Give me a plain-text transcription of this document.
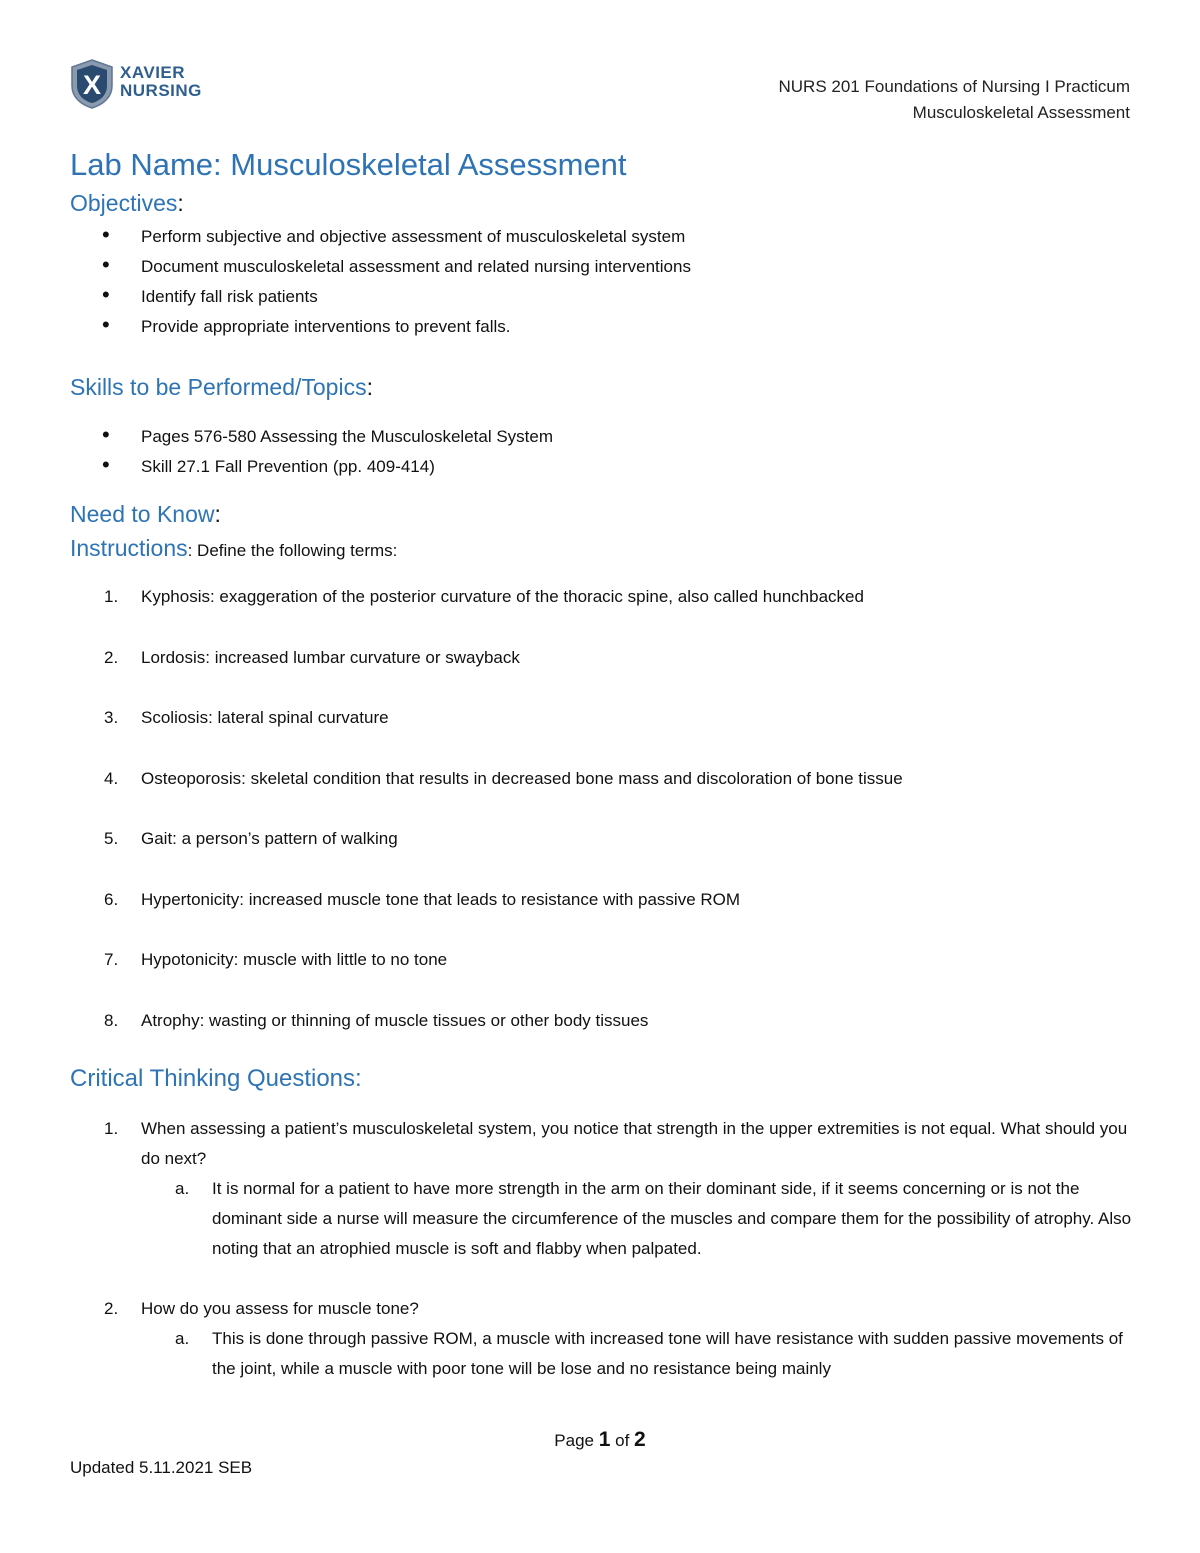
X XAVIER
NURSING	NURS 201 Foundations of Nursing I Practicum
Musculoskeletal Assessment
Lab Name: Musculoskeletal Assessment
Objectives:
• Perform subjective and objective assessment of musculoskeletal system
• Document musculoskeletal assessment and related nursing interventions
• Identify fall risk patients
• Provide appropriate interventions to prevent falls.
Skills to be Performed/Topics:
• Pages 576-580 Assessing the Musculoskeletal System
• Skill 27.1 Fall Prevention (pp. 409-414)
Need to Know:
Instructions: Define the following terms:
1. Kyphosis: exaggeration of the posterior curvature of the thoracic spine, also called hunchbacked
2. Lordosis: increased lumbar curvature or swayback
3. Scoliosis: lateral spinal curvature
4. Osteoporosis: skeletal condition that results in decreased bone mass and discoloration of bone tissue
5. Gait: a person’s pattern of walking
6. Hypertonicity: increased muscle tone that leads to resistance with passive ROM
7. Hypotonicity: muscle with little to no tone
8. Atrophy: wasting or thinning of muscle tissues or other body tissues
Critical Thinking Questions:
1. When assessing a patient’s musculoskeletal system, you notice that strength in the upper extremities is not equal. What should you do next?
a. It is normal for a patient to have more strength in the arm on their dominant side, if it seems concerning or is not the dominant side a nurse will measure the circumference of the muscles and compare them for the possibility of atrophy. Also noting that an atrophied muscle is soft and flabby when palpated.
2. How do you assess for muscle tone?
a. This is done through passive ROM, a muscle with increased tone will have resistance with sudden passive movements of the joint, while a muscle with poor tone will be lose and no resistance being mainly
Page 1 of 2
Updated 5.11.2021 SEB
